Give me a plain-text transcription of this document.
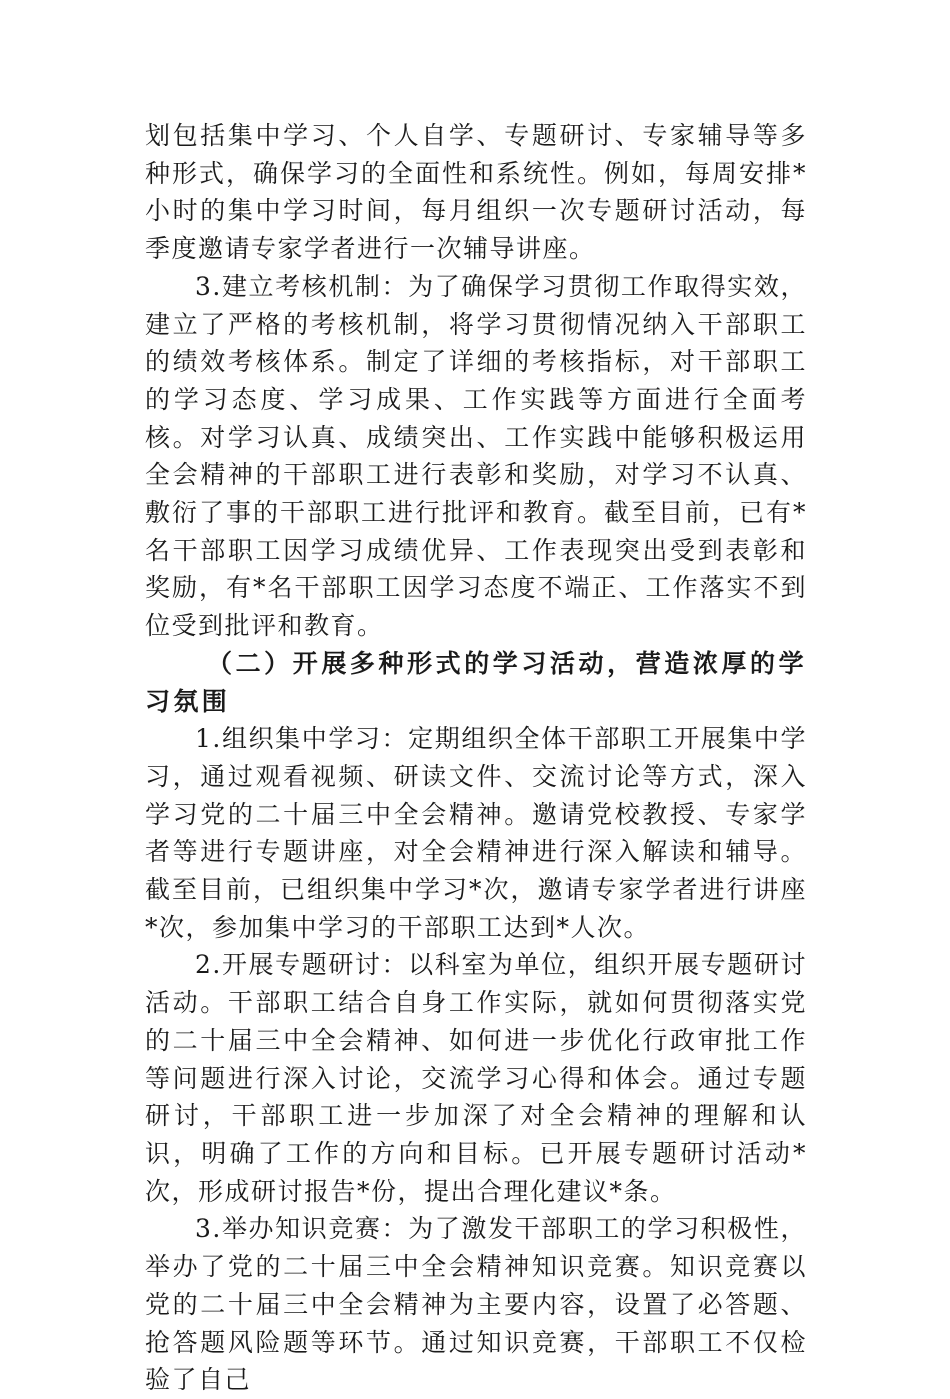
划包括集中学习、个人自学、专题研讨、专家辅导等多种形式，确保学习的全面性和系统性。例如，每周安排*小时的集中学习时间，每月组织一次专题研讨活动，每季度邀请专家学者进行一次辅导讲座。

3.建立考核机制：为了确保学习贯彻工作取得实效，建立了严格的考核机制，将学习贯彻情况纳入干部职工的绩效考核体系。制定了详细的考核指标，对干部职工的学习态度、学习成果、工作实践等方面进行全面考核。对学习认真、成绩突出、工作实践中能够积极运用全会精神的干部职工进行表彰和奖励，对学习不认真、敷衍了事的干部职工进行批评和教育。截至目前，已有*名干部职工因学习成绩优异、工作表现突出受到表彰和奖励，有*名干部职工因学习态度不端正、工作落实不到位受到批评和教育。

（二）开展多种形式的学习活动，营造浓厚的学习氛围

1.组织集中学习：定期组织全体干部职工开展集中学习，通过观看视频、研读文件、交流讨论等方式，深入学习党的二十届三中全会精神。邀请党校教授、专家学者等进行专题讲座，对全会精神进行深入解读和辅导。截至目前，已组织集中学习*次，邀请专家学者进行讲座*次，参加集中学习的干部职工达到*人次。

2.开展专题研讨：以科室为单位，组织开展专题研讨活动。干部职工结合自身工作实际，就如何贯彻落实党的二十届三中全会精神、如何进一步优化行政审批工作等问题进行深入讨论，交流学习心得和体会。通过专题研讨，干部职工进一步加深了对全会精神的理解和认识，明确了工作的方向和目标。已开展专题研讨活动*次，形成研讨报告*份，提出合理化建议*条。

3.举办知识竞赛：为了激发干部职工的学习积极性，举办了党的二十届三中全会精神知识竞赛。知识竞赛以党的二十届三中全会精神为主要内容，设置了必答题、抢答题风险题等环节。通过知识竞赛，干部职工不仅检验了自己
